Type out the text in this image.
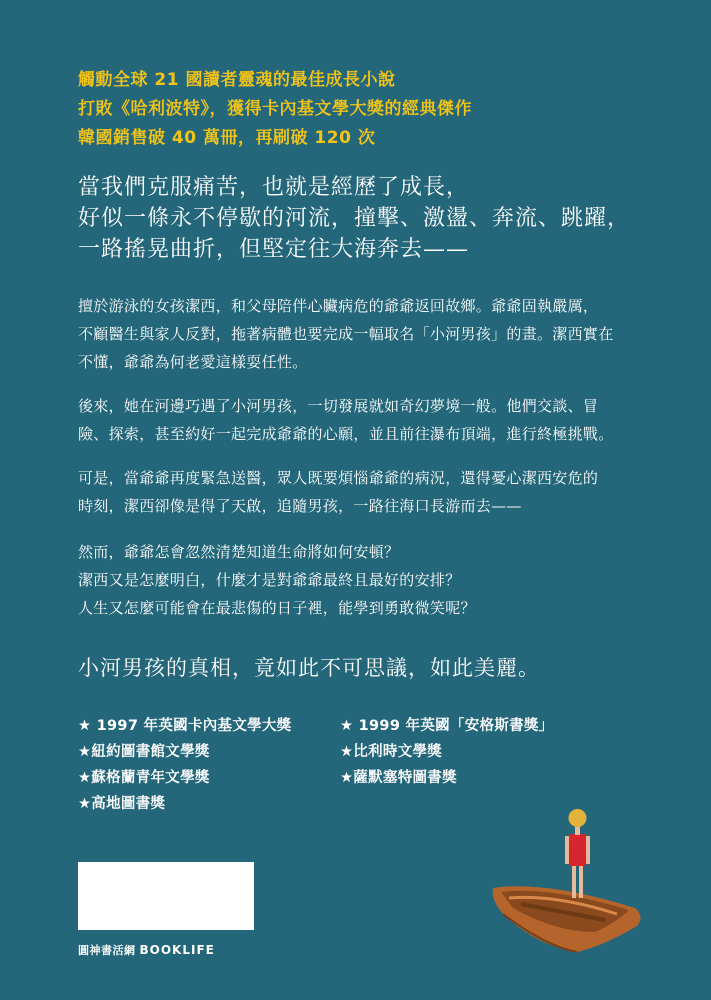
觸動全球 21 國讀者靈魂的最佳成長小說
打敗《哈利波特》，獲得卡內基文學大獎的經典傑作
韓國銷售破 40 萬冊，再刷破 120 次
當我們克服痛苦，也就是經歷了成長，
好似一條永不停歇的河流，撞擊、激盪、奔流、跳躍，
一路搖晃曲折，但堅定往大海奔去——
擅於游泳的女孩潔西，和父母陪伴心臟病危的爺爺返回故鄉。爺爺固執嚴厲，
不顧醫生與家人反對，拖著病體也要完成一幅取名「小河男孩」的畫。潔西實在
不懂，爺爺為何老愛這樣耍任性。
後來，她在河邊巧遇了小河男孩，一切發展就如奇幻夢境一般。他們交談、冒
險、探索，甚至約好一起完成爺爺的心願，並且前往瀑布頂端，進行終極挑戰。
可是，當爺爺再度緊急送醫，眾人既要煩惱爺爺的病況，還得憂心潔西安危的
時刻，潔西卻像是得了天啟，追隨男孩，一路往海口長游而去——
然而，爺爺怎會忽然清楚知道生命將如何安頓？
潔西又是怎麼明白，什麼才是對爺爺最終且最好的安排？
人生又怎麼可能會在最悲傷的日子裡，能學到勇敢微笑呢？
小河男孩的真相，竟如此不可思議，如此美麗。
★ 1997 年英國卡內基文學大獎	★ 1999 年英國「安格斯書獎」
★紐約圖書館文學獎	★比利時文學獎
★蘇格蘭青年文學獎	★薩默塞特圖書獎
★高地圖書獎
圓神書活網 BOOKLIFE
